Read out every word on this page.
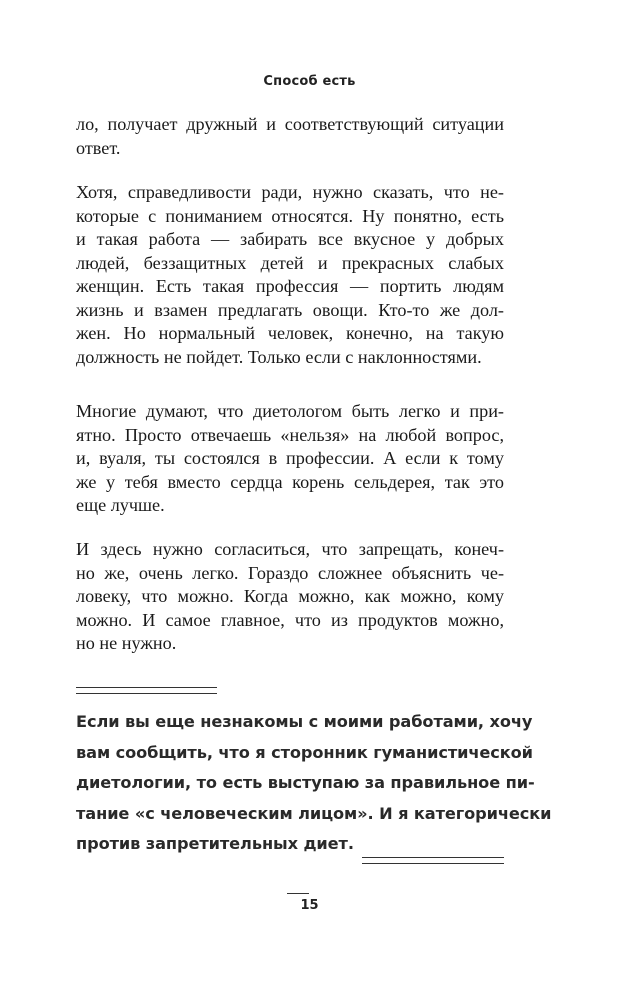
Способ есть
ло, получает дружный и соответствующий ситуации
ответ.
Хотя, справедливости ради, нужно сказать, что не-
которые с пониманием относятся. Ну понятно, есть
и такая работа — забирать все вкусное у добрых
людей, беззащитных детей и прекрасных слабых
женщин. Есть такая профессия — портить людям
жизнь и взамен предлагать овощи. Кто-то же дол-
жен. Но нормальный человек, конечно, на такую
должность не пойдет. Только если с наклонностями.
Многие думают, что диетологом быть легко и при-
ятно. Просто отвечаешь «нельзя» на любой вопрос,
и, вуаля, ты состоялся в профессии. А если к тому
же у тебя вместо сердца корень сельдерея, так это
еще лучше.
И здесь нужно согласиться, что запрещать, конеч-
но же, очень легко. Гораздо сложнее объяснить че-
ловеку, что можно. Когда можно, как можно, кому
можно. И самое главное, что из продуктов можно,
но не нужно.
Если вы еще незнакомы с моими работами, хочу
вам сообщить, что я сторонник гуманистической
диетологии, то есть выступаю за правильное пи-
тание «с человеческим лицом». И я категорически
против запретительных диет.
15
